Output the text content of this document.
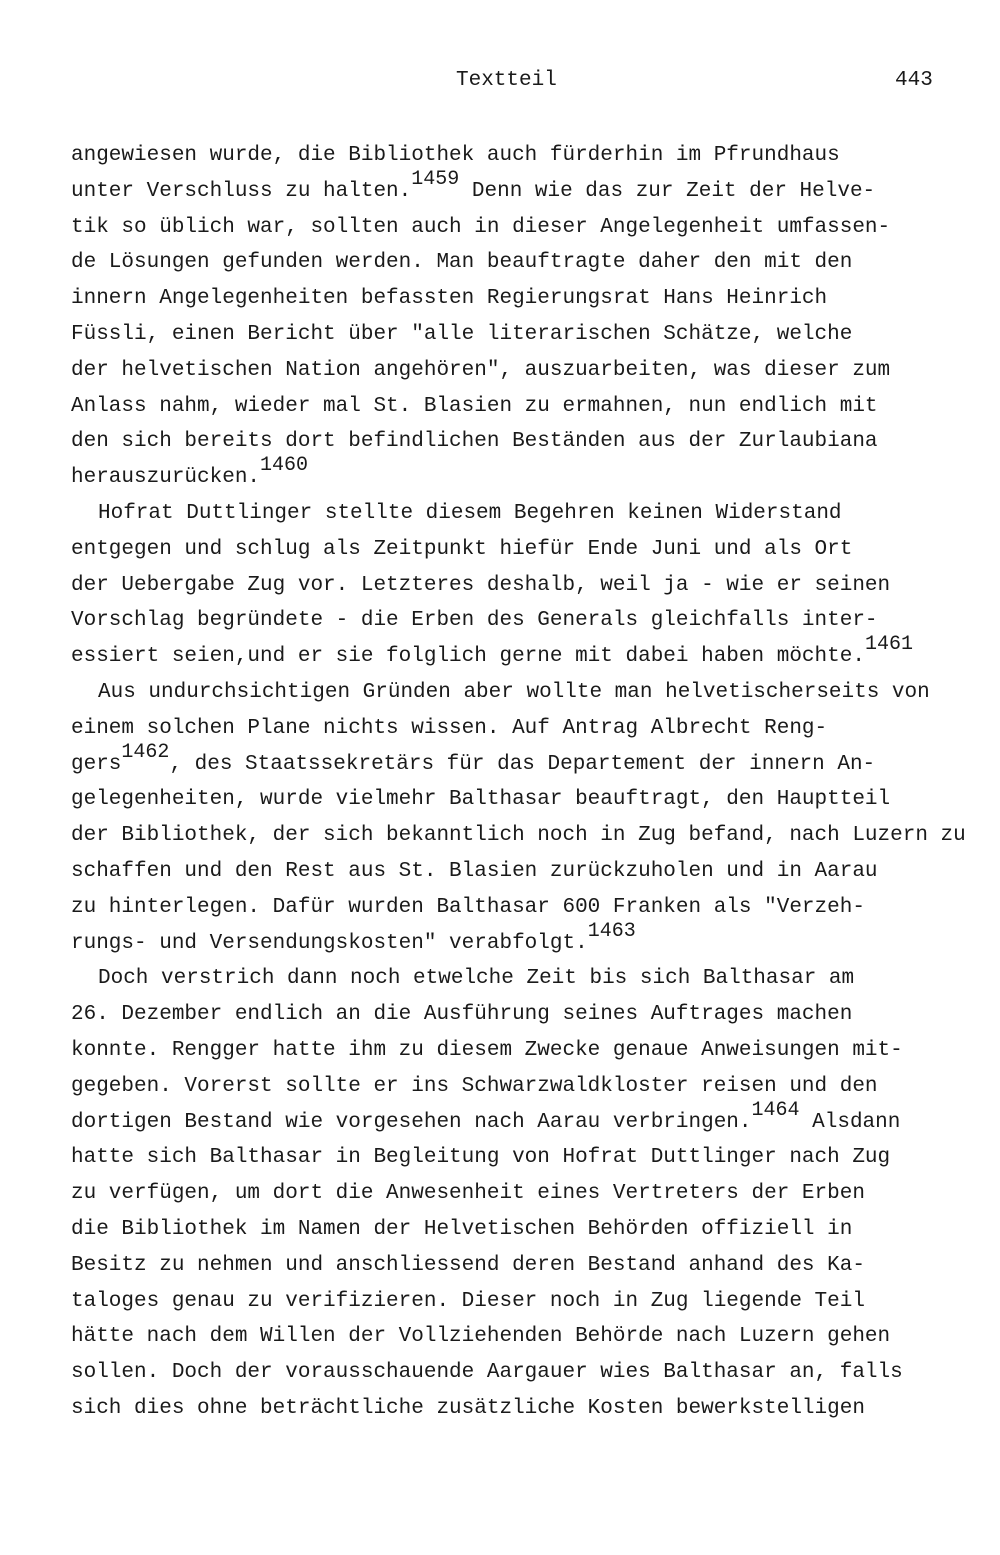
Textteil	443
angewiesen wurde, die Bibliothek auch fürderhin im Pfrundhaus
unter Verschluss zu halten.$^{1459}$ Denn wie das zur Zeit der Helve-
tik so üblich war, sollten auch in dieser Angelegenheit umfassen-
de Lösungen gefunden werden. Man beauftragte daher den mit den
innern Angelegenheiten befassten Regierungsrat Hans Heinrich
Füssli, einen Bericht über "alle literarischen Schätze, welche
der helvetischen Nation angehören", auszuarbeiten, was dieser zum
Anlass nahm, wieder mal St. Blasien zu ermahnen, nun endlich mit
den sich bereits dort befindlichen Beständen aus der Zurlaubiana
herauszurücken.$^{1460}$
Hofrat Duttlinger stellte diesem Begehren keinen Widerstand
entgegen und schlug als Zeitpunkt hiefür Ende Juni und als Ort
der Uebergabe Zug vor. Letzteres deshalb, weil ja - wie er seinen
Vorschlag begründete - die Erben des Generals gleichfalls inter-
essiert seien,und er sie folglich gerne mit dabei haben möchte.$^{1461}$
Aus undurchsichtigen Gründen aber wollte man helvetischerseits von
einem solchen Plane nichts wissen. Auf Antrag Albrecht Reng-
gers$^{1462}$, des Staatssekretärs für das Departement der innern An-
gelegenheiten, wurde vielmehr Balthasar beauftragt, den Hauptteil
der Bibliothek, der sich bekanntlich noch in Zug befand, nach Luzern zu
schaffen und den Rest aus St. Blasien zurückzuholen und in Aarau
zu hinterlegen. Dafür wurden Balthasar 600 Franken als "Verzeh-
rungs- und Versendungskosten" verabfolgt.$^{1463}$
Doch verstrich dann noch etwelche Zeit bis sich Balthasar am
26. Dezember endlich an die Ausführung seines Auftrages machen
konnte. Rengger hatte ihm zu diesem Zwecke genaue Anweisungen mit-
gegeben. Vorerst sollte er ins Schwarzwaldkloster reisen und den
dortigen Bestand wie vorgesehen nach Aarau verbringen.$^{1464}$ Alsdann
hatte sich Balthasar in Begleitung von Hofrat Duttlinger nach Zug
zu verfügen, um dort die Anwesenheit eines Vertreters der Erben
die Bibliothek im Namen der Helvetischen Behörden offiziell in
Besitz zu nehmen und anschliessend deren Bestand anhand des Ka-
taloges genau zu verifizieren. Dieser noch in Zug liegende Teil
hätte nach dem Willen der Vollziehenden Behörde nach Luzern gehen
sollen. Doch der vorausschauende Aargauer wies Balthasar an, falls
sich dies ohne beträchtliche zusätzliche Kosten bewerkstelligen
